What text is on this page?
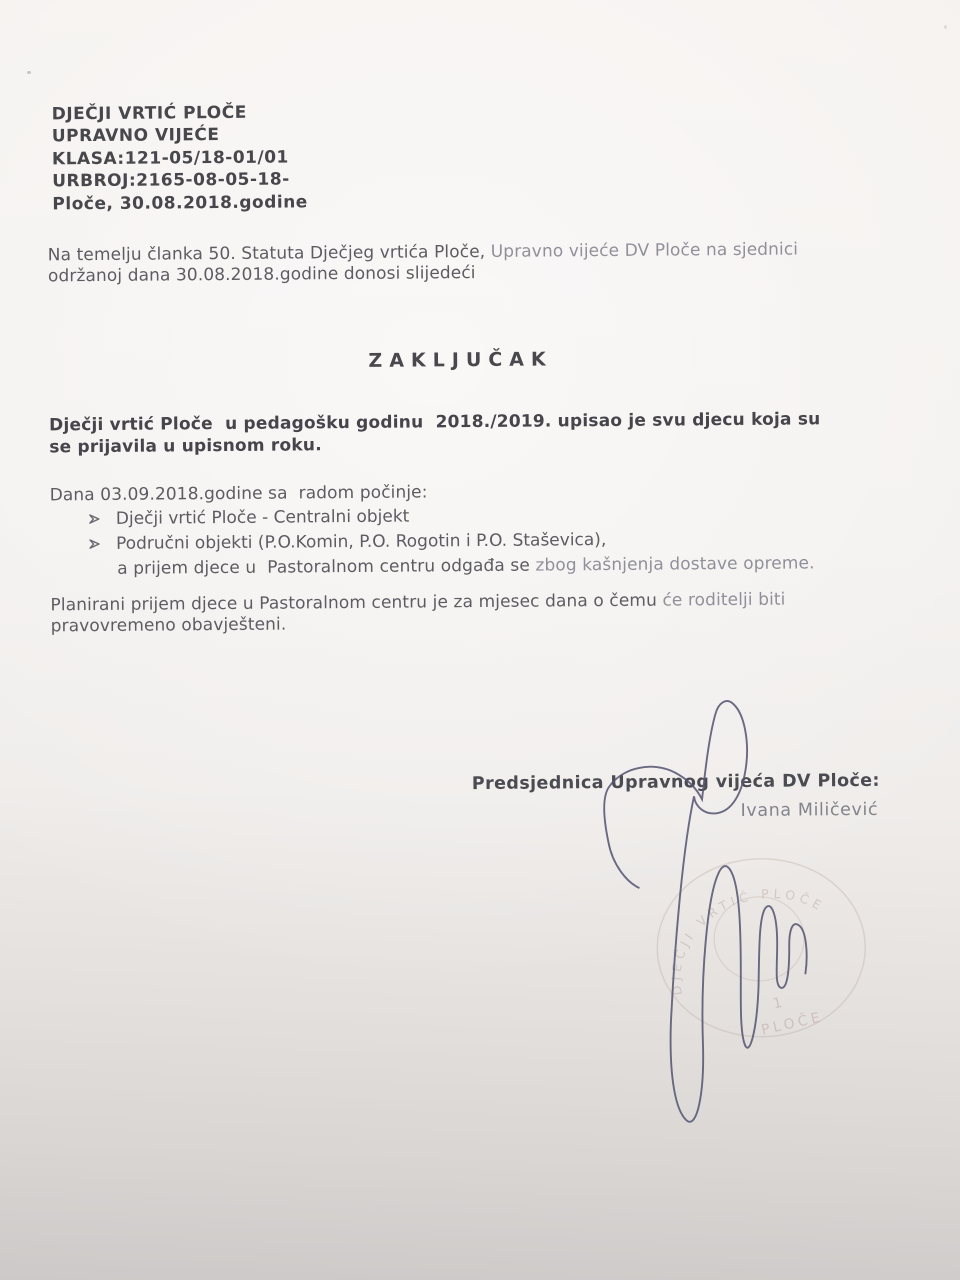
DJEČJI VRTIĆ PLOČE
UPRAVNO VIJEĆE
KLASA:121-05/18-01/01
URBROJ:2165-08-05-18-
Ploče, 30.08.2018.godine
Na temelju članka 50. Statuta Dječjeg vrtića Ploče, Upravno vijeće DV Ploče na sjednici
održanoj dana 30.08.2018.godine donosi slijedeći
ZAKLJUČAK
Dječji vrtić Ploče  u pedagošku godinu  2018./2019. upisao je svu djecu koja su
se prijavila u upisnom roku.
Dana 03.09.2018.godine sa  radom počinje:
Dječji vrtić Ploče - Centralni objekt
Područni objekti (P.O.Komin, P.O. Rogotin i P.O. Staševica),
a prijem djece u  Pastoralnom centru odgađa se zbog kašnjenja dostave opreme.
Planirani prijem djece u Pastoralnom centru je za mjesec dana o čemu će roditelji biti
pravovremeno obavješteni.
Predsjednica Upravnog vijeća DV Ploče:
Ivana Miličević
DJEČJI VRTIĆ PLOČE
1
PLOČE
